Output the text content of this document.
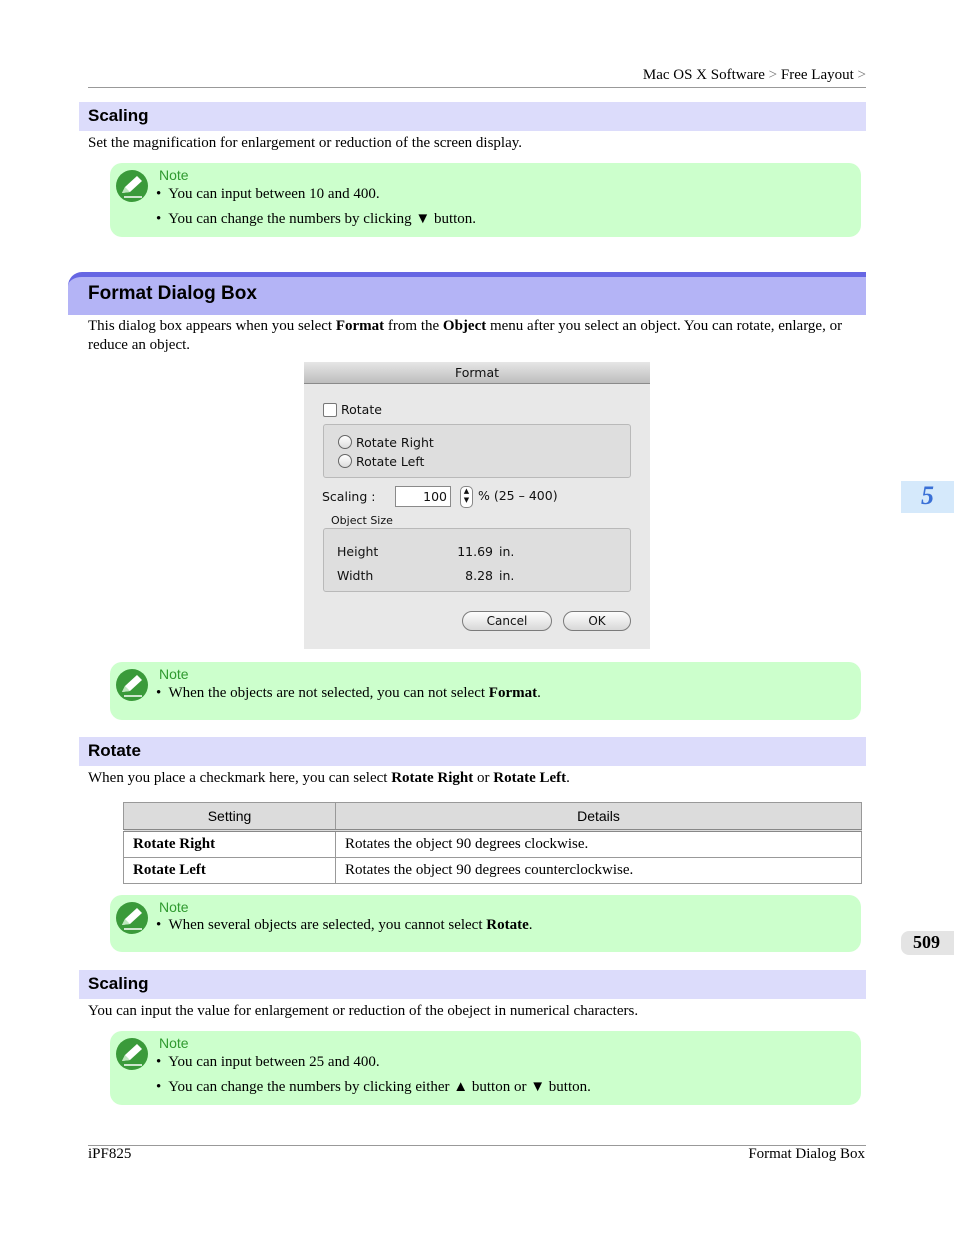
Mac OS X Software > Free Layout >
Scaling
Set the magnification for enlargement or reduction of the screen display.
Note
•  You can input between 10 and 400.
•  You can change the numbers by clicking ▼ button.
Format Dialog Box
This dialog box appears when you select Format from the Object menu after you select an object. You can rotate, enlarge, or reduce an object.
Format
Rotate
Rotate Right
Rotate Left
Scaling :	100	▲
▼ % (25 – 400)
Object Size
Height	11.69 in.
Width	8.28 in.
Cancel	OK
Note
•  When the objects are not selected, you can not select Format.
Rotate
When you place a checkmark here, you can select Rotate Right or Rotate Left.
Setting	Details
Rotate Right	Rotates the object 90 degrees clockwise.
Rotate Left	Rotates the object 90 degrees counterclockwise.
Note
•  When several objects are selected, you cannot select Rotate.
Scaling
You can input the value for enlargement or reduction of the obeject in numerical characters.
Note
•  You can input between 25 and 400.
•  You can change the numbers by clicking either ▲ button or ▼ button.
iPF825	Format Dialog Box
5
509
